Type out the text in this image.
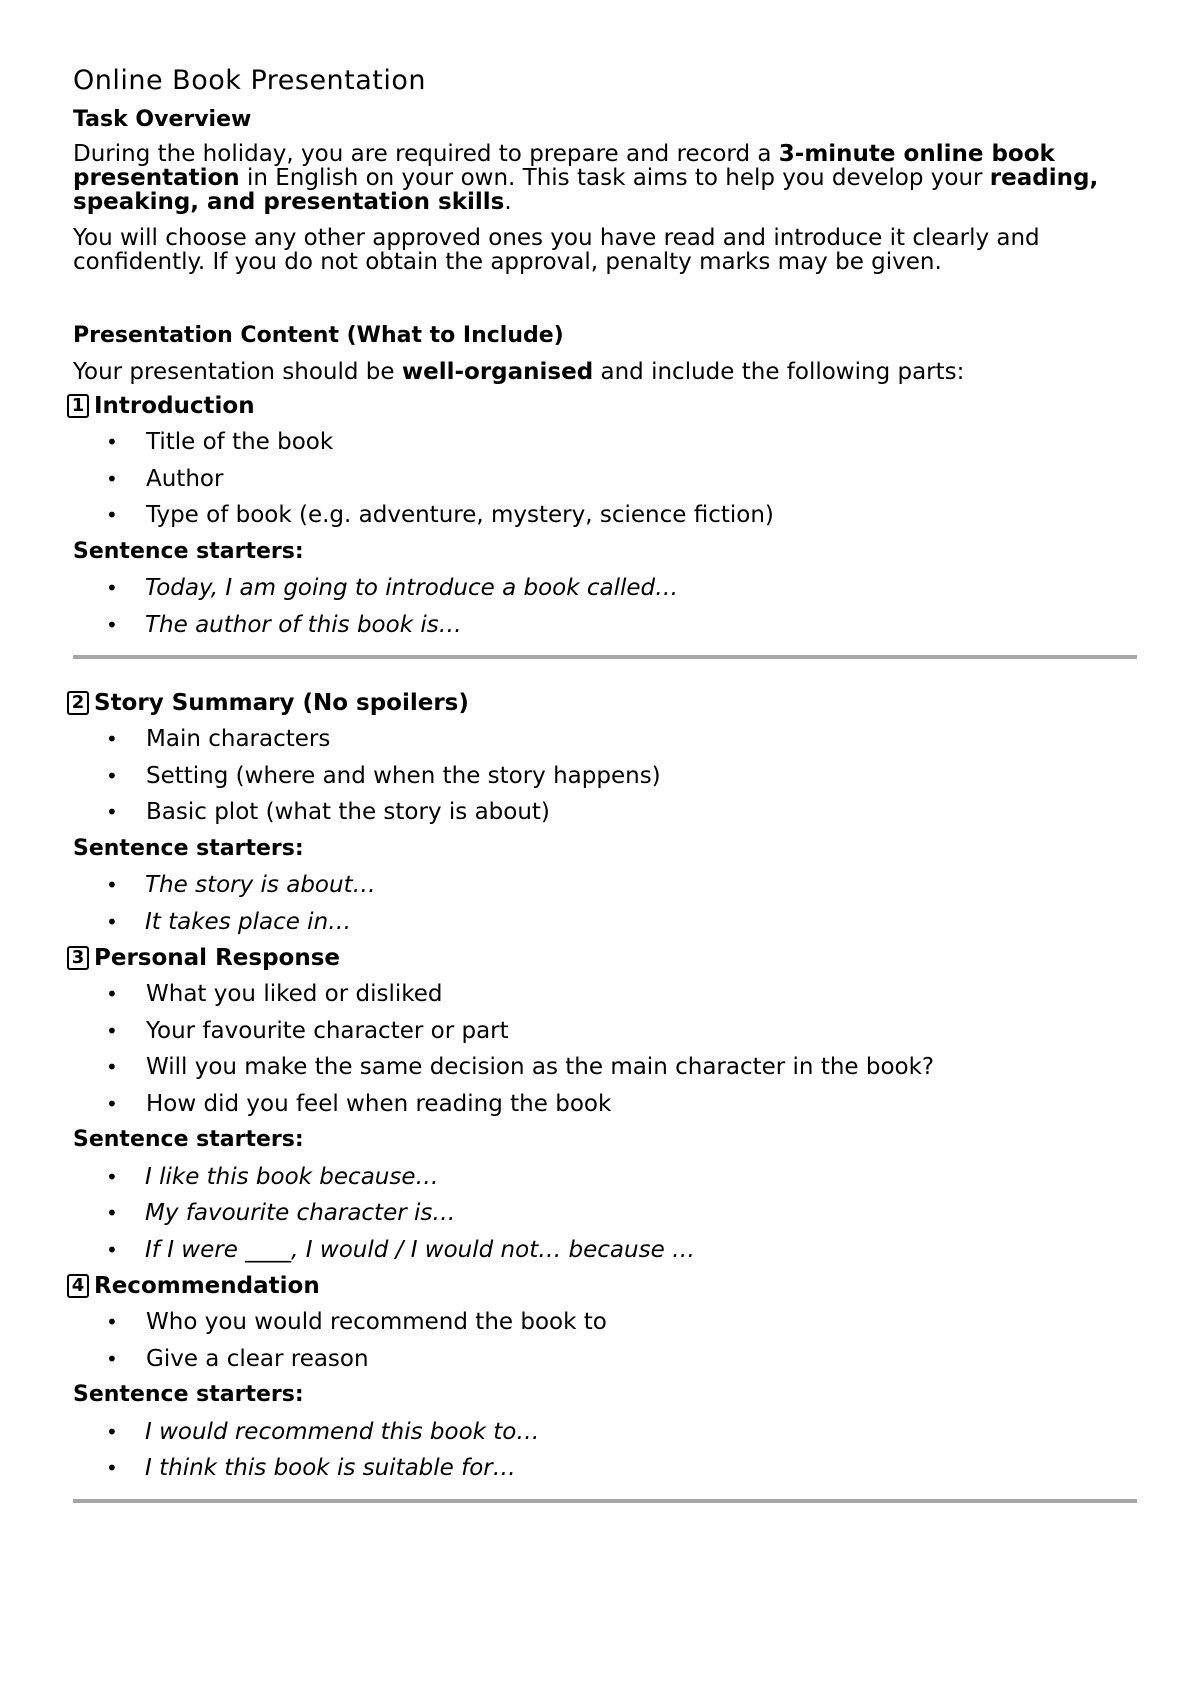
Online Book Presentation
Task Overview

During the holiday, you are required to prepare and record a 3-minute online book presentation in English on your own. This task aims to help you develop your reading, speaking, and presentation skills.

You will choose any other approved ones you have read and introduce it clearly and confidently. If you do not obtain the approval, penalty marks may be given.

Presentation Content (What to Include)

Your presentation should be well-organised and include the following parts:

1 Introduction
• Title of the book
• Author
• Type of book (e.g. adventure, mystery, science fiction)
Sentence starters:
• Today, I am going to introduce a book called…
• The author of this book is…
2 Story Summary (No spoilers)
• Main characters
• Setting (where and when the story happens)
• Basic plot (what the story is about)
Sentence starters:
• The story is about…
• It takes place in…
3 Personal Response
• What you liked or disliked
• Your favourite character or part
• Will you make the same decision as the main character in the book?
• How did you feel when reading the book
Sentence starters:
• I like this book because…
• My favourite character is…
• If I were ____, I would / I would not… because …
4 Recommendation
• Who you would recommend the book to
• Give a clear reason
Sentence starters:
• I would recommend this book to…
• I think this book is suitable for…
